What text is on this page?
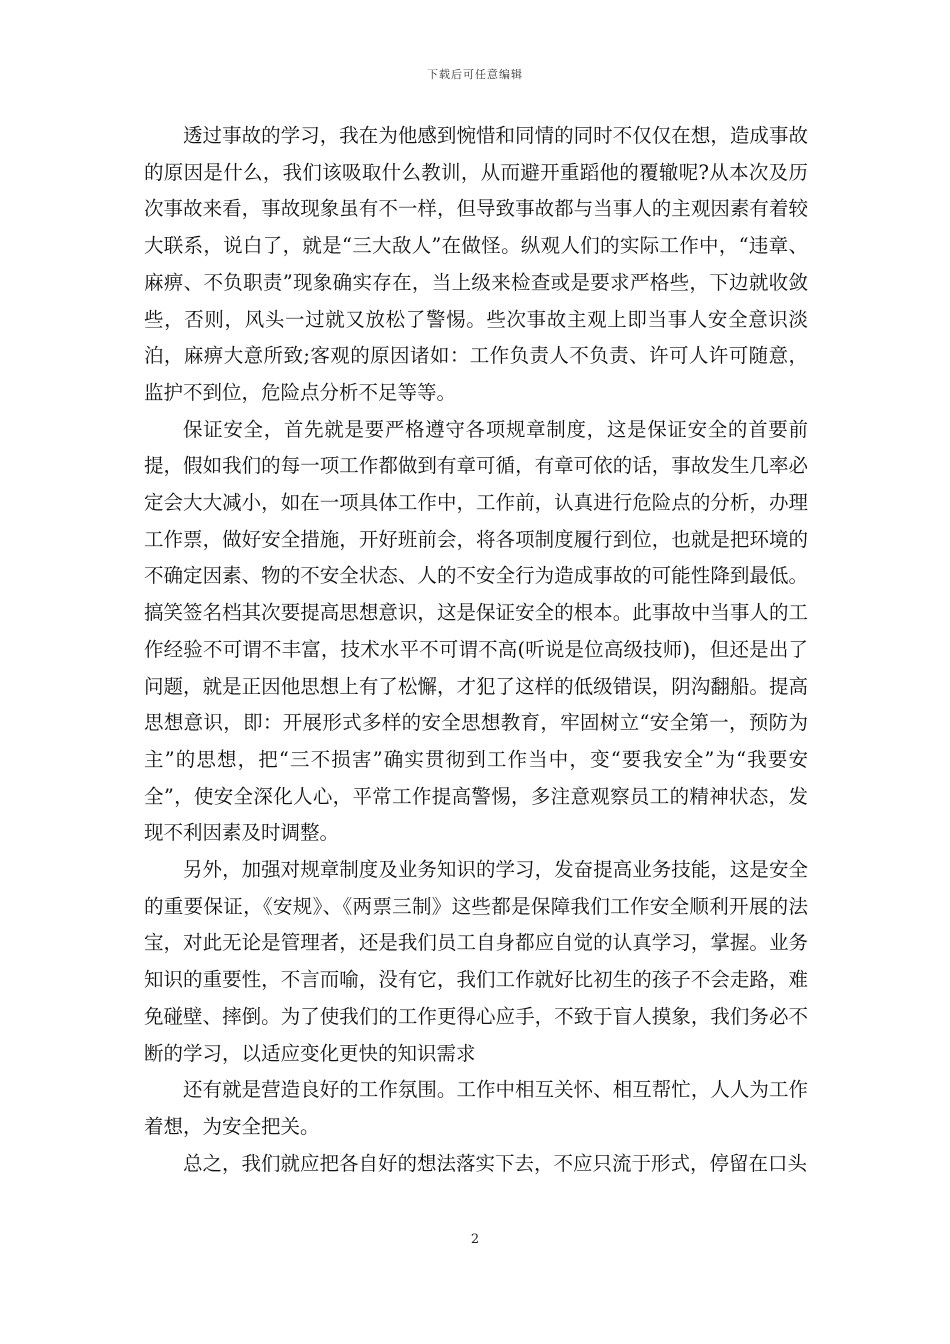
下载后可任意编辑

透过事故的学习，我在为他感到惋惜和同情的同时不仅仅在想，造成事故的原因是什么，我们该吸取什么教训，从而避开重蹈他的覆辙呢?从本次及历次事故来看，事故现象虽有不一样，但导致事故都与当事人的主观因素有着较大联系，说白了，就是“三大敌人”在做怪。纵观人们的实际工作中，“违章、麻痹、不负职责”现象确实存在，当上级来检查或是要求严格些，下边就收敛些，否则，风头一过就又放松了警惕。些次事故主观上即当事人安全意识淡泊，麻痹大意所致;客观的原因诸如：工作负责人不负责、许可人许可随意，监护不到位，危险点分析不足等等。

保证安全，首先就是要严格遵守各项规章制度，这是保证安全的首要前提，假如我们的每一项工作都做到有章可循，有章可依的话，事故发生几率必定会大大减小，如在一项具体工作中，工作前，认真进行危险点的分析，办理工作票，做好安全措施，开好班前会，将各项制度履行到位，也就是把环境的不确定因素、物的不安全状态、人的不安全行为造成事故的可能性降到最低。搞笑签名档其次要提高思想意识，这是保证安全的根本。此事故中当事人的工作经验不可谓不丰富，技术水平不可谓不高(听说是位高级技师)，但还是出了问题，就是正因他思想上有了松懈，才犯了这样的低级错误，阴沟翻船。提高思想意识，即：开展形式多样的安全思想教育，牢固树立“安全第一，预防为主”的思想，把“三不损害”确实贯彻到工作当中，变“要我安全”为“我要安全”，使安全深化人心，平常工作提高警惕，多注意观察员工的精神状态，发现不利因素及时调整。

另外，加强对规章制度及业务知识的学习，发奋提高业务技能，这是安全的重要保证，《安规》、《两票三制》这些都是保障我们工作安全顺利开展的法宝，对此无论是管理者，还是我们员工自身都应自觉的认真学习，掌握。业务知识的重要性，不言而喻，没有它，我们工作就好比初生的孩子不会走路，难免碰壁、摔倒。为了使我们的工作更得心应手，不致于盲人摸象，我们务必不断的学习，以适应变化更快的知识需求

还有就是营造良好的工作氛围。工作中相互关怀、相互帮忙，人人为工作着想，为安全把关。

总之，我们就应把各自好的想法落实下去，不应只流于形式，停留在口头

2
